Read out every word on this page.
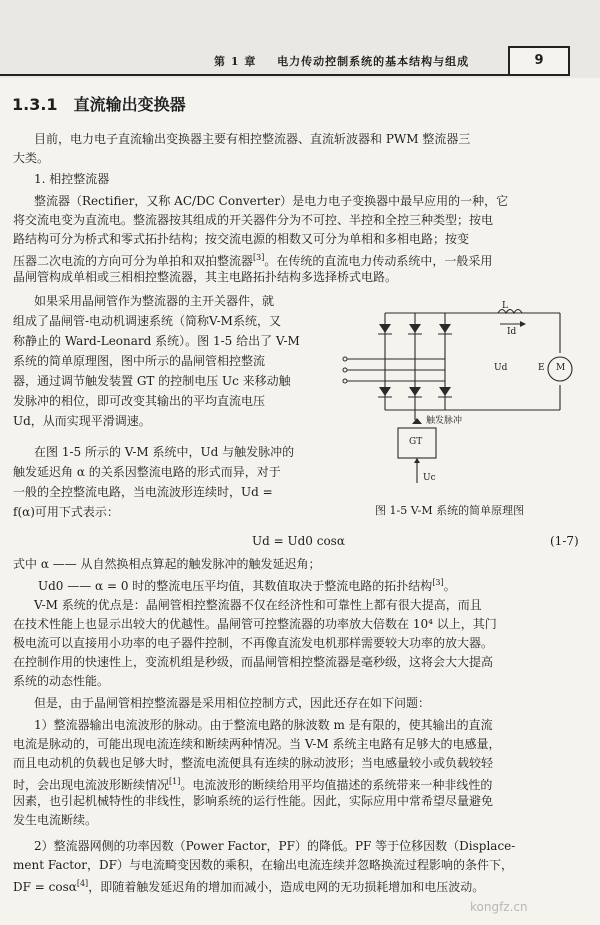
第 1 章 电力传动控制系统的基本结构与组成	9
1.3.1 直流输出变换器
目前，电力电子直流输出变换器主要有相控整流器、直流斩波器和 PWM 整流器三
大类。
1. 相控整流器
整流器（Rectifier，又称 AC/DC Converter）是电力电子变换器中最早应用的一种，它
将交流电变为直流电。整流器按其组成的开关器件分为不可控、半控和全控三种类型；按电
路结构可分为桥式和零式拓扑结构；按交流电源的相数又可分为单相和多相电路；按变
压器二次电流的方向可分为单拍和双拍整流器[3]。在传统的直流电力传动系统中，一般采用
晶闸管构成单相或三相相控整流器，其主电路拓扑结构多选择桥式电路。
如果采用晶闸管作为整流器的主开关器件，就
组成了晶闸管-电动机调速系统（简称V-M系统，又
称静止的 Ward-Leonard 系统）。图 1-5 给出了 V-M
系统的简单原理图，图中所示的晶闸管相控整流
器，通过调节触发装置 GT 的控制电压 Uc 来移动触
发脉冲的相位，即可改变其输出的平均直流电压
Ud，从而实现平滑调速。
在图 1-5 所示的 V-M 系统中，Ud 与触发脉冲的
触发延迟角 α 的关系因整流电路的形式而异，对于
一般的全控整流电路，当电流波形连续时，Ud =
f(α)可用下式表示：
L
Id
Ud	E M
触发脉冲
GT
Uc
图 1-5 V-M 系统的简单原理图
Ud = Ud0 cosα	(1-7)
式中 α —— 从自然换相点算起的触发脉冲的触发延迟角；
Ud0 —— α = 0 时的整流电压平均值，其数值取决于整流电路的拓扑结构[3]。
V-M 系统的优点是：晶闸管相控整流器不仅在经济性和可靠性上都有很大提高，而且
在技术性能上也显示出较大的优越性。晶闸管可控整流器的功率放大倍数在 10⁴ 以上，其门
极电流可以直接用小功率的电子器件控制，不再像直流发电机那样需要较大功率的放大器。
在控制作用的快速性上，变流机组是秒级，而晶闸管相控整流器是毫秒级，这将会大大提高
系统的动态性能。
但是，由于晶闸管相控整流器是采用相位控制方式，因此还存在如下问题：
1）整流器输出电流波形的脉动。由于整流电路的脉波数 m 是有限的，使其输出的直流
电流是脉动的，可能出现电流连续和断续两种情况。当 V-M 系统主电路有足够大的电感量，
而且电动机的负载也足够大时，整流电流便具有连续的脉动波形；当电感量较小或负载较轻
时，会出现电流波形断续情况[1]。电流波形的断续给用平均值描述的系统带来一种非线性的
因素，也引起机械特性的非线性，影响系统的运行性能。因此，实际应用中常希望尽量避免
发生电流断续。
2）整流器网侧的功率因数（Power Factor，PF）的降低。PF 等于位移因数（Displace-
ment Factor，DF）与电流畸变因数的乘积，在输出电流连续并忽略换流过程影响的条件下，
DF = cosα[4]，即随着触发延迟角的增加而减小，造成电网的无功损耗增加和电压波动。
kongfz.cn
